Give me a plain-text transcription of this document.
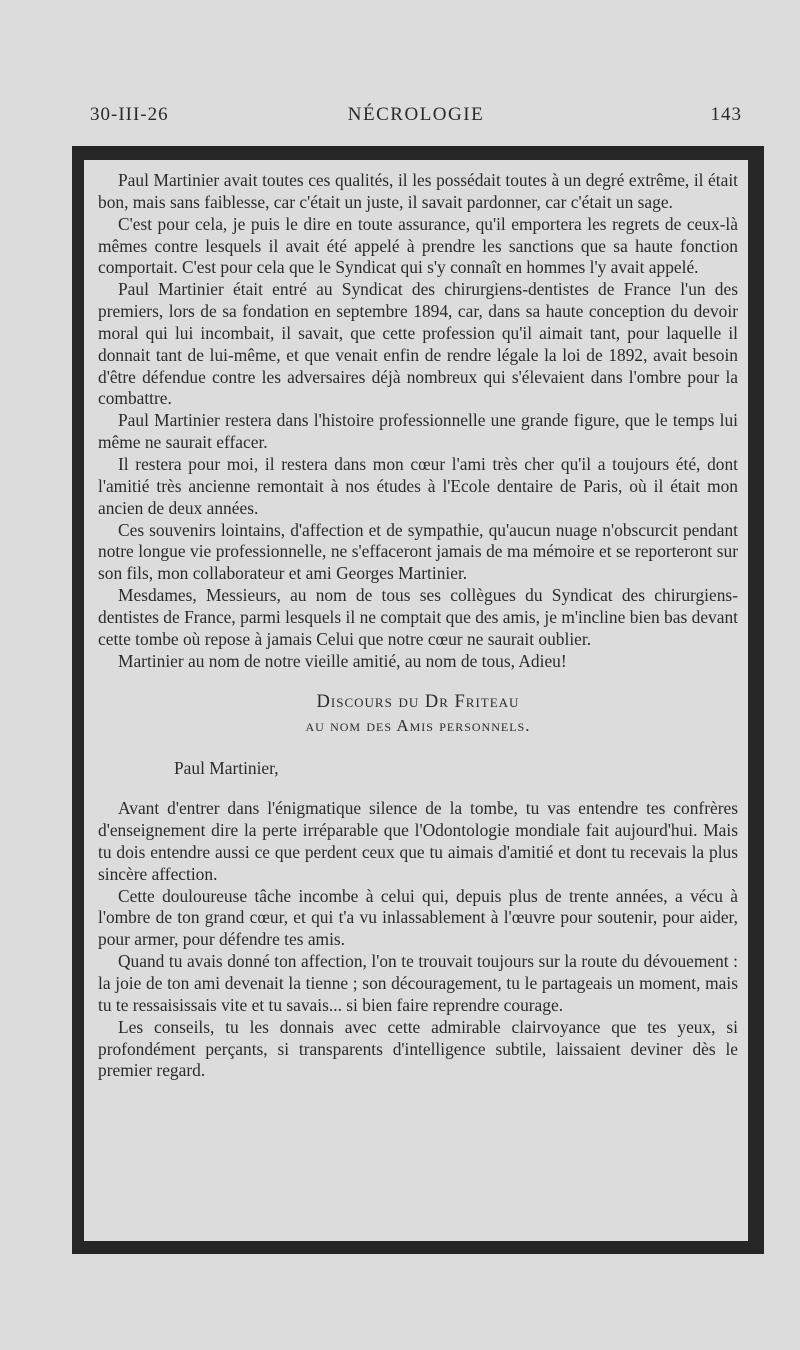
30-III-26	NÉCROLOGIE	143

Paul Martinier avait toutes ces qualités, il les possédait toutes à un degré extrême, il était bon, mais sans faiblesse, car c'était un juste, il savait pardonner, car c'était un sage.

C'est pour cela, je puis le dire en toute assurance, qu'il emportera les regrets de ceux-là mêmes contre lesquels il avait été appelé à prendre les sanctions que sa haute fonction comportait. C'est pour cela que le Syndicat qui s'y connaît en hommes l'y avait appelé.

Paul Martinier était entré au Syndicat des chirurgiens-dentistes de France l'un des premiers, lors de sa fondation en septembre 1894, car, dans sa haute conception du devoir moral qui lui incombait, il savait, que cette profession qu'il aimait tant, pour laquelle il donnait tant de lui-même, et que venait enfin de rendre légale la loi de 1892, avait besoin d'être défendue contre les adversaires déjà nombreux qui s'élevaient dans l'ombre pour la combattre.

Paul Martinier restera dans l'histoire professionnelle une grande figure, que le temps lui même ne saurait effacer.

Il restera pour moi, il restera dans mon cœur l'ami très cher qu'il a toujours été, dont l'amitié très ancienne remontait à nos études à l'Ecole dentaire de Paris, où il était mon ancien de deux années.

Ces souvenirs lointains, d'affection et de sympathie, qu'aucun nuage n'obscurcit pendant notre longue vie professionnelle, ne s'effaceront jamais de ma mémoire et se reporteront sur son fils, mon collaborateur et ami Georges Martinier.

Mesdames, Messieurs, au nom de tous ses collègues du Syndicat des chirurgiens-dentistes de France, parmi lesquels il ne comptait que des amis, je m'incline bien bas devant cette tombe où repose à jamais Celui que notre cœur ne saurait oublier.

Martinier au nom de notre vieille amitié, au nom de tous, Adieu!

Discours du Dr Friteau

au nom des Amis personnels.

Paul Martinier,

Avant d'entrer dans l'énigmatique silence de la tombe, tu vas entendre tes confrères d'enseignement dire la perte irréparable que l'Odontologie mondiale fait aujourd'hui. Mais tu dois entendre aussi ce que perdent ceux que tu aimais d'amitié et dont tu recevais la plus sincère affection.

Cette douloureuse tâche incombe à celui qui, depuis plus de trente années, a vécu à l'ombre de ton grand cœur, et qui t'a vu inlassablement à l'œuvre pour soutenir, pour aider, pour armer, pour défendre tes amis.

Quand tu avais donné ton affection, l'on te trouvait toujours sur la route du dévouement : la joie de ton ami devenait la tienne ; son découragement, tu le partageais un moment, mais tu te ressaisissais vite et tu savais... si bien faire reprendre courage.

Les conseils, tu les donnais avec cette admirable clairvoyance que tes yeux, si profondément perçants, si transparents d'intelligence subtile, laissaient deviner dès le premier regard.
